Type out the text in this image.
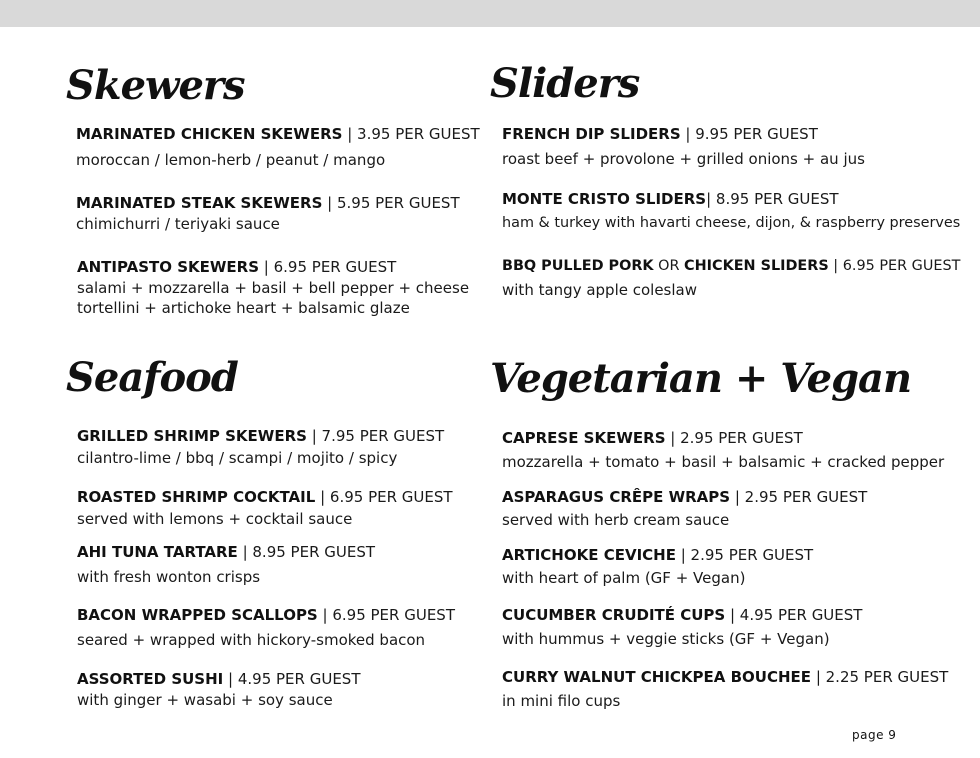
Skewers
MARINATED CHICKEN SKEWERS | 3.95 PER GUEST
moroccan / lemon-herb / peanut / mango
MARINATED STEAK SKEWERS | 5.95 PER GUEST
chimichurri / teriyaki sauce
ANTIPASTO SKEWERS | 6.95 PER GUEST
salami + mozzarella + basil + bell pepper + cheese
tortellini + artichoke heart + balsamic glaze
Sliders
FRENCH DIP SLIDERS | 9.95 PER GUEST
roast beef + provolone + grilled onions + au jus
MONTE CRISTO SLIDERS| 8.95 PER GUEST
ham & turkey with havarti cheese, dijon, & raspberry preserves
BBQ PULLED PORK OR CHICKEN SLIDERS | 6.95 PER GUEST
with tangy apple coleslaw
Seafood
GRILLED SHRIMP SKEWERS | 7.95 PER GUEST
cilantro-lime / bbq / scampi / mojito / spicy
ROASTED SHRIMP COCKTAIL | 6.95 PER GUEST
served with lemons + cocktail sauce
AHI TUNA TARTARE | 8.95 PER GUEST
with fresh wonton crisps
BACON WRAPPED SCALLOPS | 6.95 PER GUEST
seared + wrapped with hickory-smoked bacon
ASSORTED SUSHI | 4.95 PER GUEST
with ginger + wasabi + soy sauce
Vegetarian + Vegan
CAPRESE SKEWERS | 2.95 PER GUEST
mozzarella + tomato + basil + balsamic + cracked pepper
ASPARAGUS CRÊPE WRAPS | 2.95 PER GUEST
served with herb cream sauce
ARTICHOKE CEVICHE | 2.95 PER GUEST
with heart of palm (GF + Vegan)
CUCUMBER CRUDITÉ CUPS | 4.95 PER GUEST
with hummus + veggie sticks (GF + Vegan)
CURRY WALNUT CHICKPEA BOUCHEE | 2.25 PER GUEST
in mini filo cups
page 9
